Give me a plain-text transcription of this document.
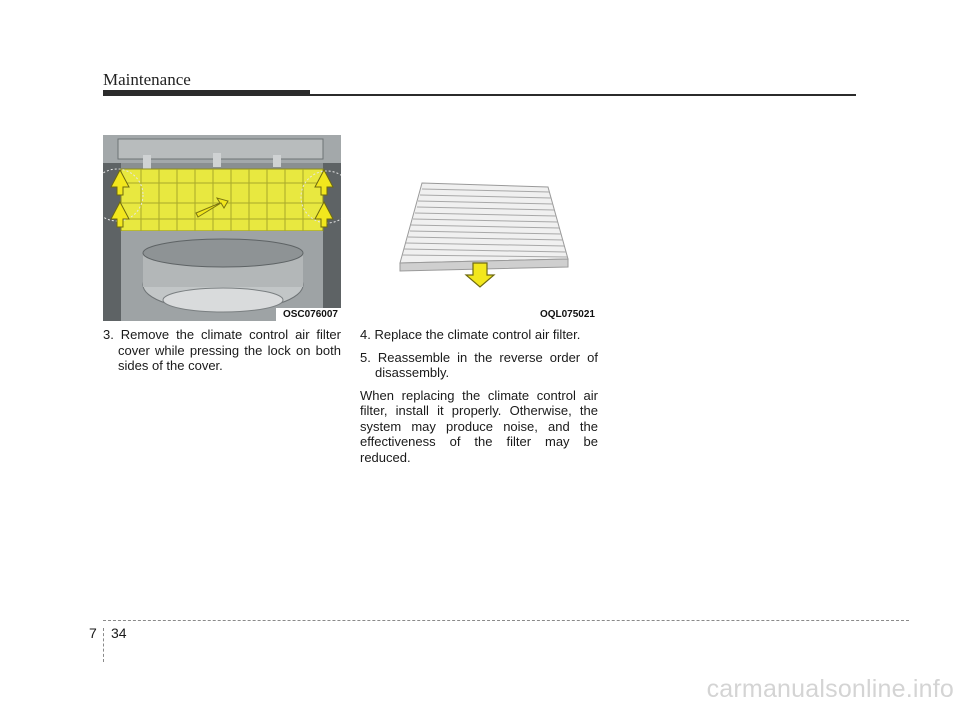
Maintenance
OSC076007	OQL075021

3. Remove the climate control air filter cover while pressing the lock on both sides of the cover.

4. Replace the climate control air filter.

5. Reassemble in the reverse order of disassembly.

When replacing the climate control air filter, install it properly. Otherwise, the system may produce noise, and the effectiveness of the filter may be reduced.

7 34
carmanualsonline.info
